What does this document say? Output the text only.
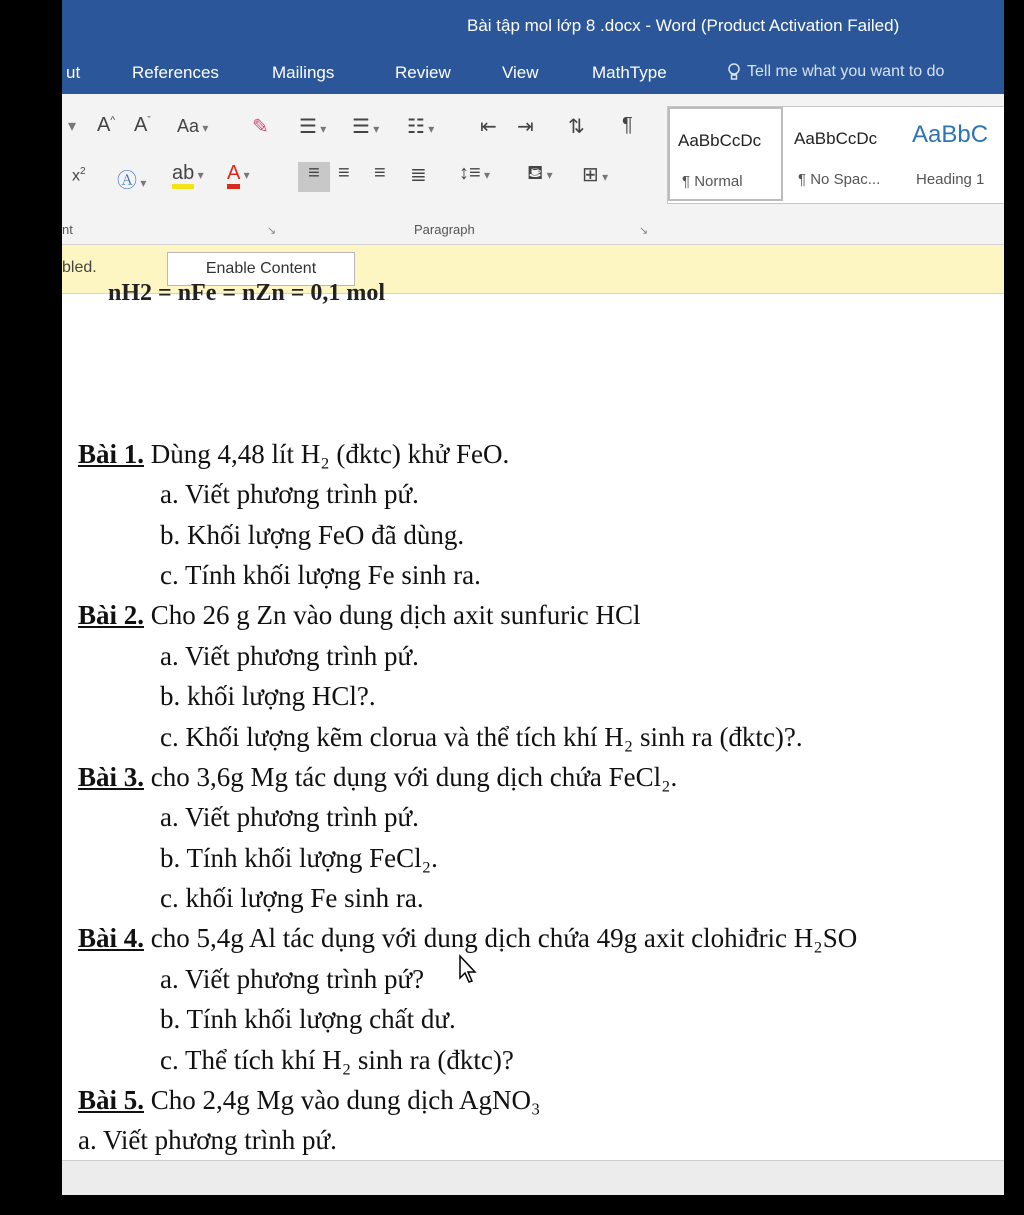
Bài tập mol lớp 8 .docx - Word (Product Activation Failed)
ut	References	Mailings	Review	View	MathType	Tell me what you want to do
▾ A^ $A^ˇ$ Aa ▾ ✎ ☰ ▾ ☰ ▾ ☷ ▾ ⇤ ⇥ ⇅ ¶
$x^2$ Ⓐ ▾ ab ▾ A ▾	≡ ≡ ≡ ≣ ↕≡ ▾ ⛾ ▾ ⊞ ▾
nt	↘	Paragraph	↘
AaBbCcDc
¶ Normal
AaBbCcDc
¶ No Spac...
AaBbC
Heading 1
bled.	Enable Content
nH2 = nFe = nZn = 0,1 mol
Bài 1. Dùng 4,48 lít H₂ (đktc) khử FeO.
a. Viết phương trình pứ.
b. Khối lượng FeO đã dùng.
c. Tính khối lượng Fe sinh ra.
Bài 2. Cho 26 g Zn vào dung dịch axit sunfuric HCl
a. Viết phương trình pứ.
b. khối lượng HCl?.
c. Khối lượng kẽm clorua và thể tích khí H₂ sinh ra (đktc)?.
Bài 3. cho 3,6g Mg tác dụng với dung dịch chứa FeCl₂.
a. Viết phương trình pứ.
b. Tính khối lượng FeCl₂.
c. khối lượng Fe sinh ra.
Bài 4. cho 5,4g Al tác dụng với dung dịch chứa 49g axit clohiđric H₂SO
a. Viết phương trình pứ?
b. Tính khối lượng chất dư.
c. Thể tích khí H₂ sinh ra (đktc)?
Bài 5. Cho 2,4g Mg vào dung dịch AgNO₃
a. Viết phương trình pứ.
